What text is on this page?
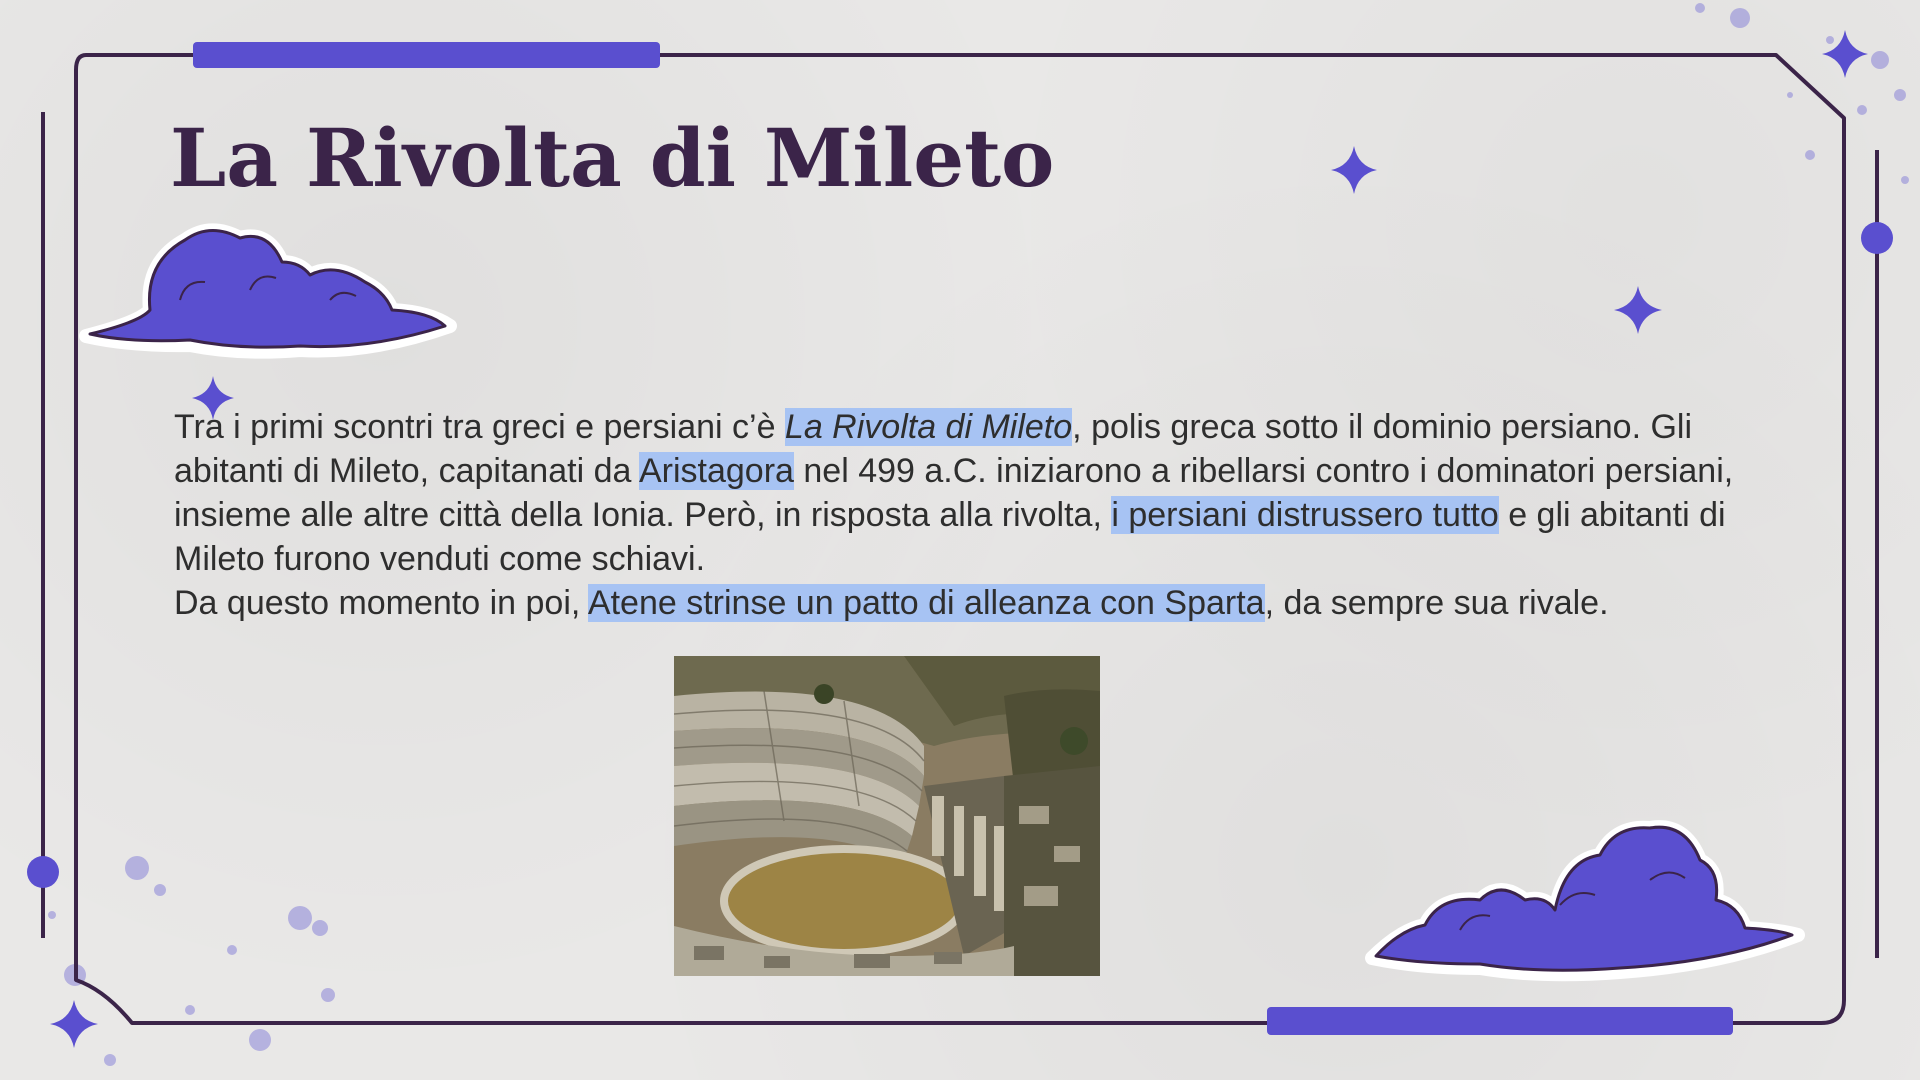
La Rivolta di Mileto

Tra i primi scontri tra greci e persiani c’è La Rivolta di Mileto, polis greca sotto il dominio persiano. Gli abitanti di Mileto, capitanati da Aristagora nel 499 a.C. iniziarono a ribellarsi contro i dominatori persiani, insieme alle altre città della Ionia. Però, in risposta alla rivolta, i persiani distrussero tutto e gli abitanti di Mileto furono venduti come schiavi.

Da questo momento in poi, Atene strinse un patto di alleanza con Sparta, da sempre sua rivale.
